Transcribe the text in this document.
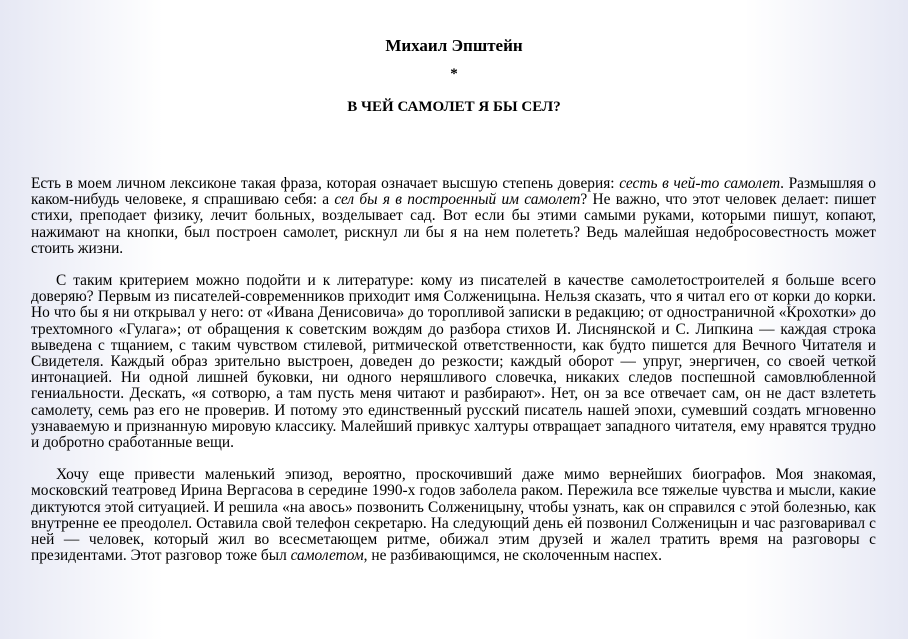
Михаил Эпштейн
*
В ЧЕЙ САМОЛЕТ Я БЫ СЕЛ?

Есть в моем личном лексиконе такая фраза, которая означает высшую степень доверия: сесть в чей-то самолет. Размышляя о каком-нибудь человеке, я спрашиваю себя: а сел бы я в построенный им самолет? Не важно, что этот человек делает: пишет стихи, преподает физику, лечит больных, возделывает сад. Вот если бы этими самыми руками, которыми пишут, копают, нажимают на кнопки, был построен самолет, рискнул ли бы я на нем полететь? Ведь малейшая недобросовестность может стоить жизни.

С таким критерием можно подойти и к литературе: кому из писателей в качестве самолетостроителей я больше всего доверяю? Первым из писателей-современников приходит имя Солженицына. Нельзя сказать, что я читал его от корки до корки. Но что бы я ни открывал у него: от «Ивана Денисовича» до торопливой записки в редакцию; от одностраничной «Крохотки» до трехтомного «Гулага»; от обращения к советским вождям до разбора стихов И. Лиснянской и С. Липкина — каждая строка выведена с тщанием, с таким чувством стилевой, ритмической ответственности, как будто пишется для Вечного Читателя и Свидетеля. Каждый образ зрительно выстроен, доведен до резкости; каждый оборот — упруг, энергичен, со своей четкой интонацией. Ни одной лишней буковки, ни одного неряшливого словечка, никаких следов поспешной самовлюбленной гениальности. Дескать, «я сотворю, а там пусть меня читают и разбирают». Нет, он за все отвечает сам, он не даст взлететь самолету, семь раз его не проверив. И потому это единственный русский писатель нашей эпохи, сумевший создать мгновенно узнаваемую и признанную мировую классику. Малейший привкус халтуры отвращает западного читателя, ему нравятся трудно и добротно сработанные вещи.

Хочу еще привести маленький эпизод, вероятно, проскочивший даже мимо вернейших биографов. Моя знакомая, московский театровед Ирина Вергасова в середине 1990-х годов заболела раком. Пережила все тяжелые чувства и мысли, какие диктуются этой ситуацией. И решила «на авось» позвонить Солженицыну, чтобы узнать, как он справился с этой болезнью, как внутренне ее преодолел. Оставила свой телефон секретарю. На следующий день ей позвонил Солженицын и час разговаривал с ней — человек, который жил во всесметающем ритме, обижал этим друзей и жалел тратить время на разговоры с президентами. Этот разговор тоже был самолетом, не разбивающимся, не сколоченным наспех.
